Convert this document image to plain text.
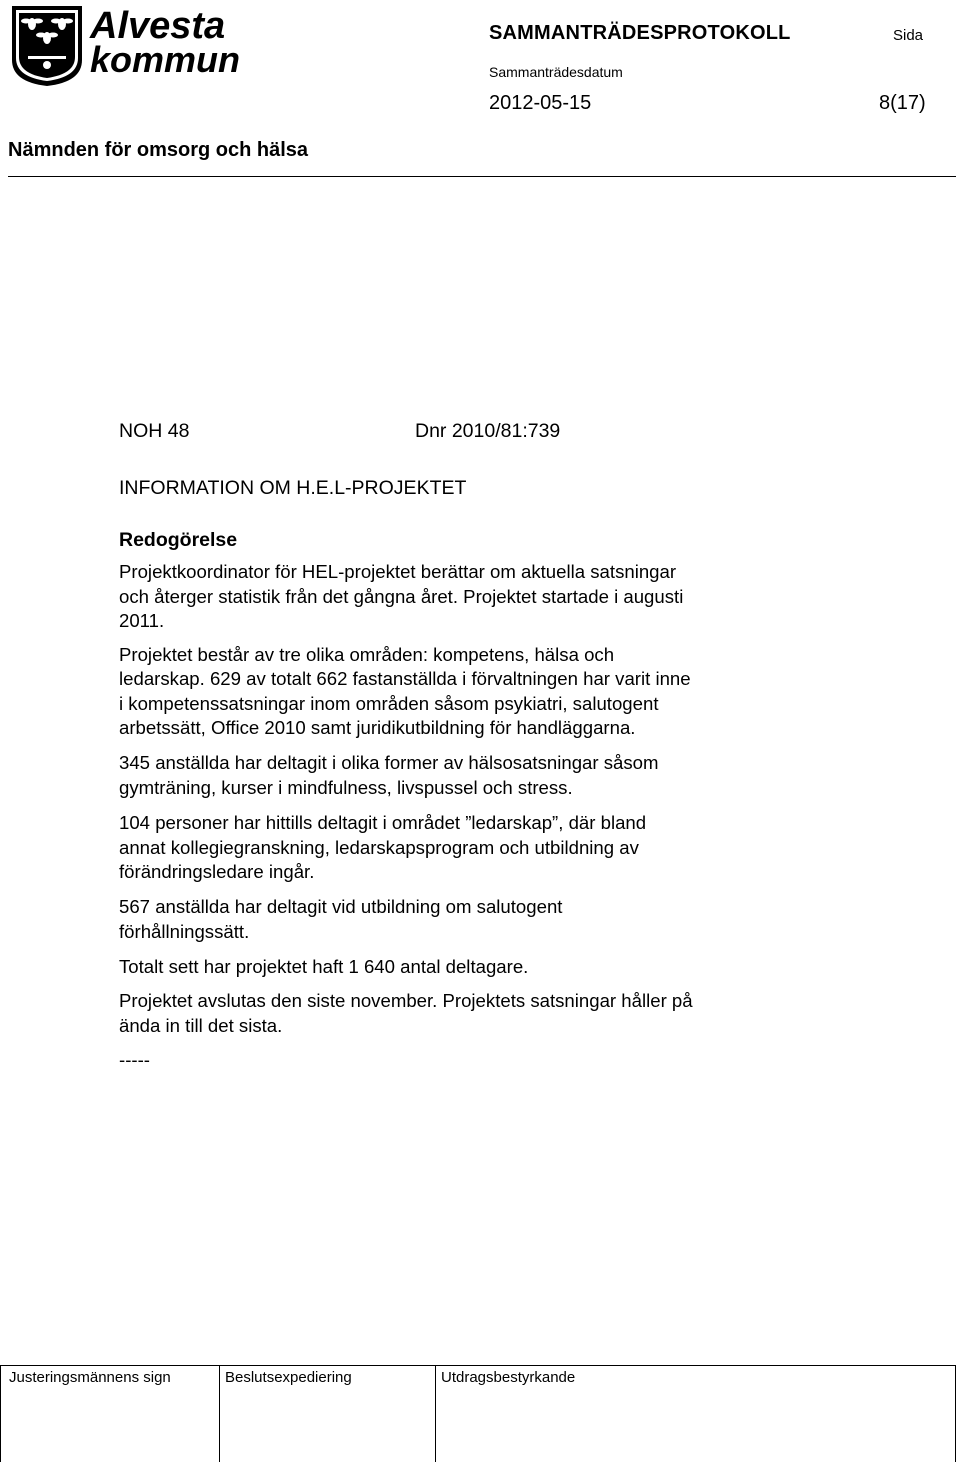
Alvesta
kommun
SAMMANTRÄDESPROTOKOLL	Sida
Sammanträdesdatum
2012-05-15	8(17)
Nämnden för omsorg och hälsa
NOH 48	Dnr 2010/81:739
INFORMATION OM H.E.L-PROJEKTET
Redogörelse
Projektkoordinator för HEL-projektet berättar om aktuella satsningar
och återger statistik från det gångna året. Projektet startade i augusti
2011.
Projektet består av tre olika områden: kompetens, hälsa och
ledarskap. 629 av totalt 662 fastanställda i förvaltningen har varit inne
i kompetenssatsningar inom områden såsom psykiatri, salutogent
arbetssätt, Office 2010 samt juridikutbildning för handläggarna.
345 anställda har deltagit i olika former av hälsosatsningar såsom
gymträning, kurser i mindfulness, livspussel och stress.
104 personer har hittills deltagit i området ”ledarskap”, där bland
annat kollegiegranskning, ledarskapsprogram och utbildning av
förändringsledare ingår.
567 anställda har deltagit vid utbildning om salutogent
förhållningssätt.
Totalt sett har projektet haft 1 640 antal deltagare.
Projektet avslutas den siste november. Projektets satsningar håller på
ända in till det sista.
-----
Justeringsmännens sign	Beslutsexpediering	Utdragsbestyrkande
